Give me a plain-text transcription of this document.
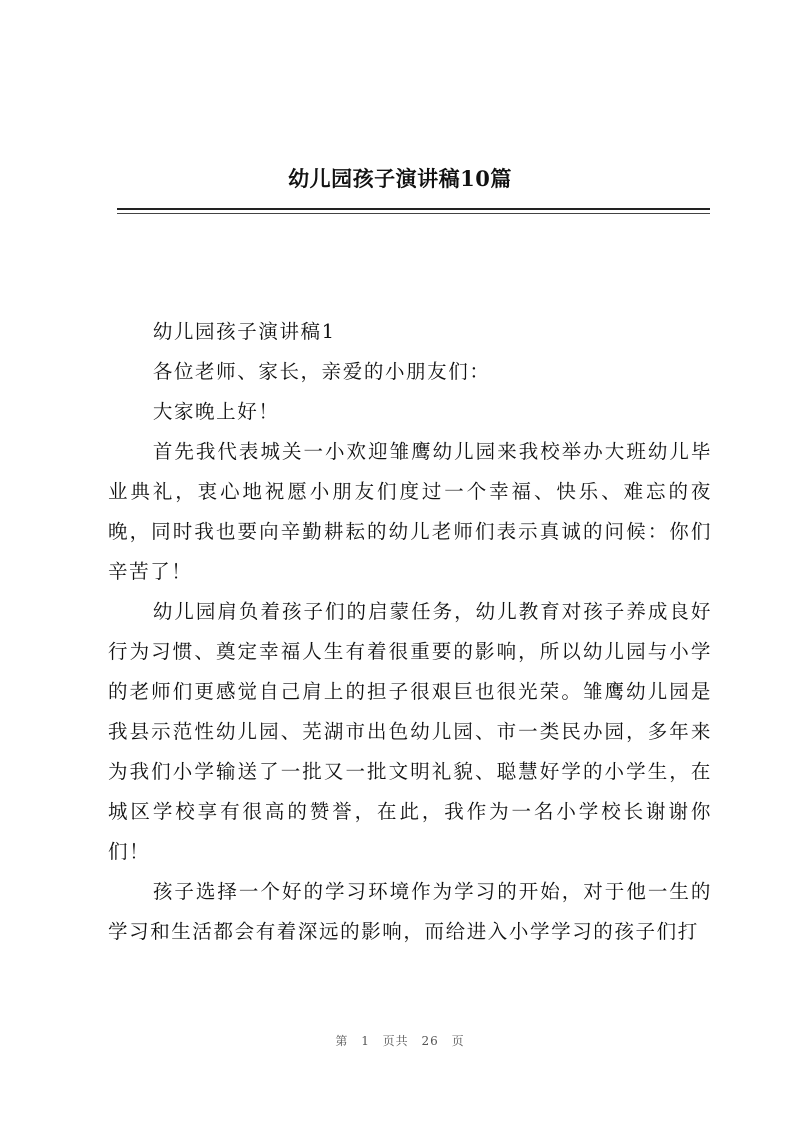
幼儿园孩子演讲稿10篇

幼儿园孩子演讲稿1

各位老师、家长，亲爱的小朋友们：

大家晚上好！

首先我代表城关一小欢迎雏鹰幼儿园来我校举办大班幼儿毕业典礼，衷心地祝愿小朋友们度过一个幸福、快乐、难忘的夜晚，同时我也要向辛勤耕耘的幼儿老师们表示真诚的问候：你们辛苦了！

幼儿园肩负着孩子们的启蒙任务，幼儿教育对孩子养成良好行为习惯、奠定幸福人生有着很重要的影响，所以幼儿园与小学的老师们更感觉自己肩上的担子很艰巨也很光荣。雏鹰幼儿园是我县示范性幼儿园、芜湖市出色幼儿园、市一类民办园，多年来为我们小学输送了一批又一批文明礼貌、聪慧好学的小学生，在城区学校享有很高的赞誉，在此，我作为一名小学校长谢谢你们！

孩子选择一个好的学习环境作为学习的开始，对于他一生的学习和生活都会有着深远的影响，而给进入小学学习的孩子们打

第 1 页共 26 页
